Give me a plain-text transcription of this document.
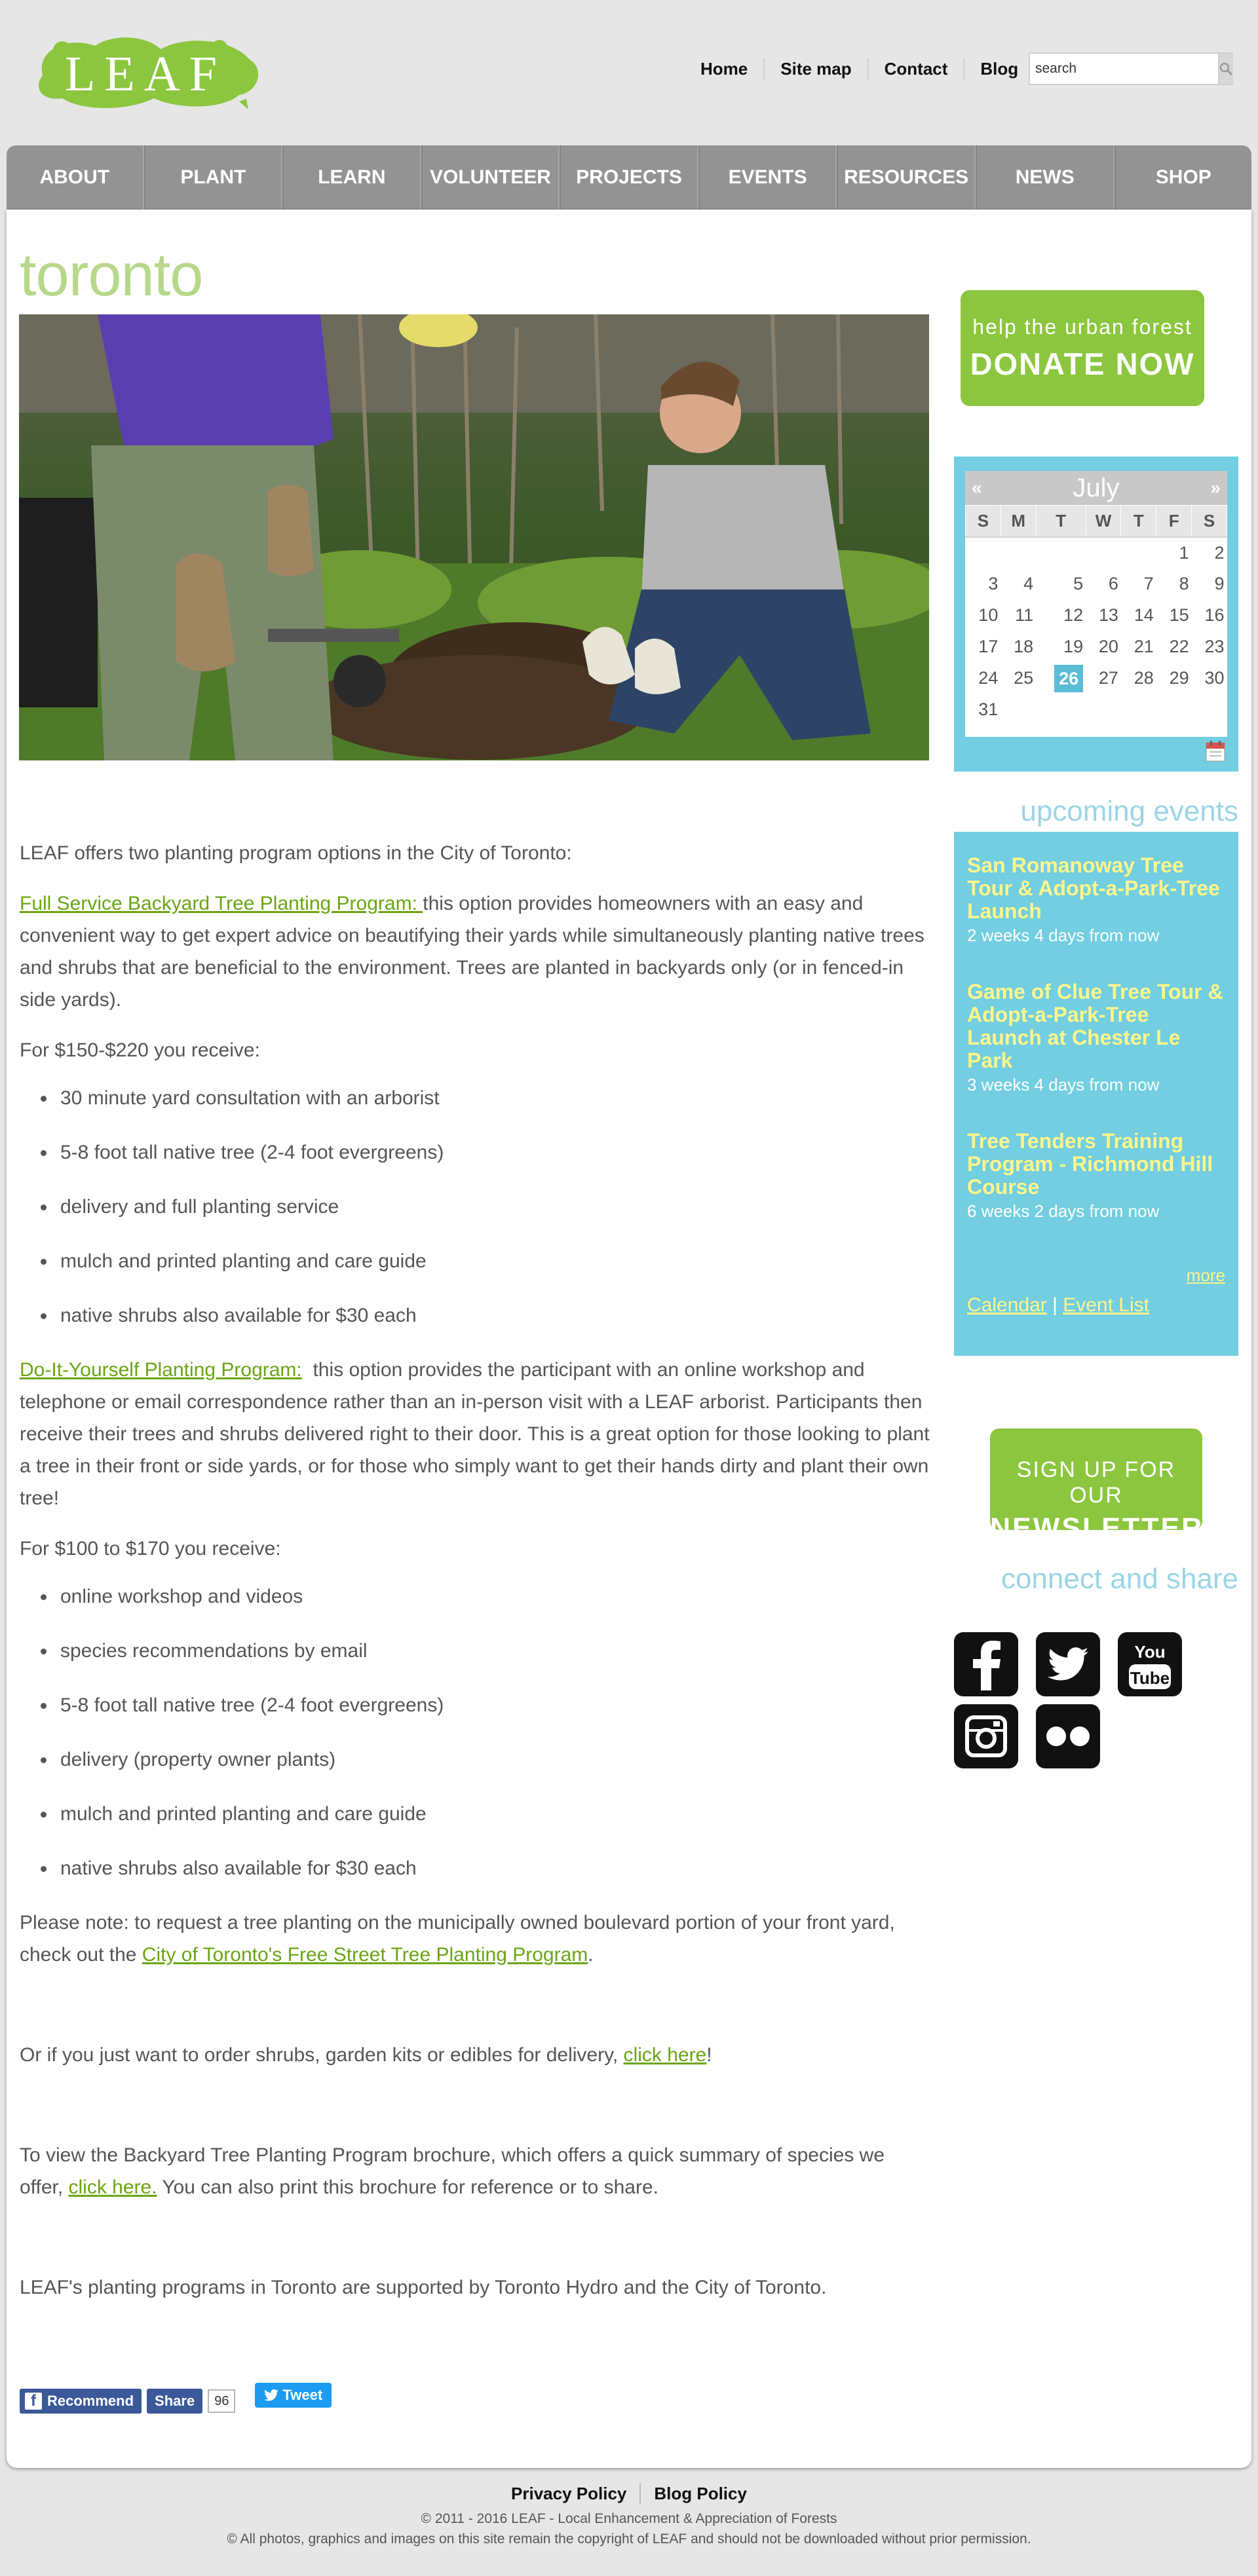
LEAF	Home	Site map	Contact	Blog
search
ABOUT	PLANT	LEARN	VOLUNTEER	PROJECTS	EVENTS	RESOURCES	NEWS	SHOP
toronto

LEAF offers two planting program options in the City of Toronto:

Full Service Backyard Tree Planting Program: this option provides homeowners with an easy and convenient way to get expert advice on beautifying their yards while simultaneously planting native trees and shrubs that are beneficial to the environment. Trees are planted in backyards only (or in fenced-in side yards).

For $150-$220 you receive:

30 minute yard consultation with an arborist
5-8 foot tall native tree (2-4 foot evergreens)
delivery and full planting service
mulch and printed planting and care guide
native shrubs also available for $30 each

Do-It-Yourself Planting Program: this option provides the participant with an online workshop and telephone or email correspondence rather than an in-person visit with a LEAF arborist. Participants then receive their trees and shrubs delivered right to their door. This is a great option for those looking to plant a tree in their front or side yards, or for those who simply want to get their hands dirty and plant their own tree!

For $100 to $170 you receive:

online workshop and videos
species recommendations by email
5-8 foot tall native tree (2-4 foot evergreens)
delivery (property owner plants)
mulch and printed planting and care guide
native shrubs also available for $30 each

Please note: to request a tree planting on the municipally owned boulevard portion of your front yard, check out the City of Toronto's Free Street Tree Planting Program.

Or if you just want to order shrubs, garden kits or edibles for delivery, click here!

To view the Backyard Tree Planting Program brochure, which offers a quick summary of species we offer, click here. You can also print this brochure for reference or to share.

LEAF's planting programs in Toronto are supported by Toronto Hydro and the City of Toronto.

f Recommend	Share	96	Tweet
help the urban forest
DONATE NOW
«	July	»
S	M	T	W	T	F	S
					1	2
3	4	5	6	7	8	9
10	11	12	13	14	15	16
17	18	19	20	21	22	23
24	25	26	27	28	29	30
31						
upcoming events
San Romanoway Tree Tour & Adopt-a-Park-Tree Launch
2 weeks 4 days from now
Game of Clue Tree Tour & Adopt-a-Park-Tree Launch at Chester Le Park
3 weeks 4 days from now
Tree Tenders Training Program - Richmond Hill Course
6 weeks 2 days from now
more
Calendar | Event List
SIGN UP FOR OUR
NEWSLETTER
connect and share
You
Tube
Privacy Policy	Blog Policy
© 2011 - 2016 LEAF - Local Enhancement & Appreciation of Forests
© All photos, graphics and images on this site remain the copyright of LEAF and should not be downloaded without prior permission.
